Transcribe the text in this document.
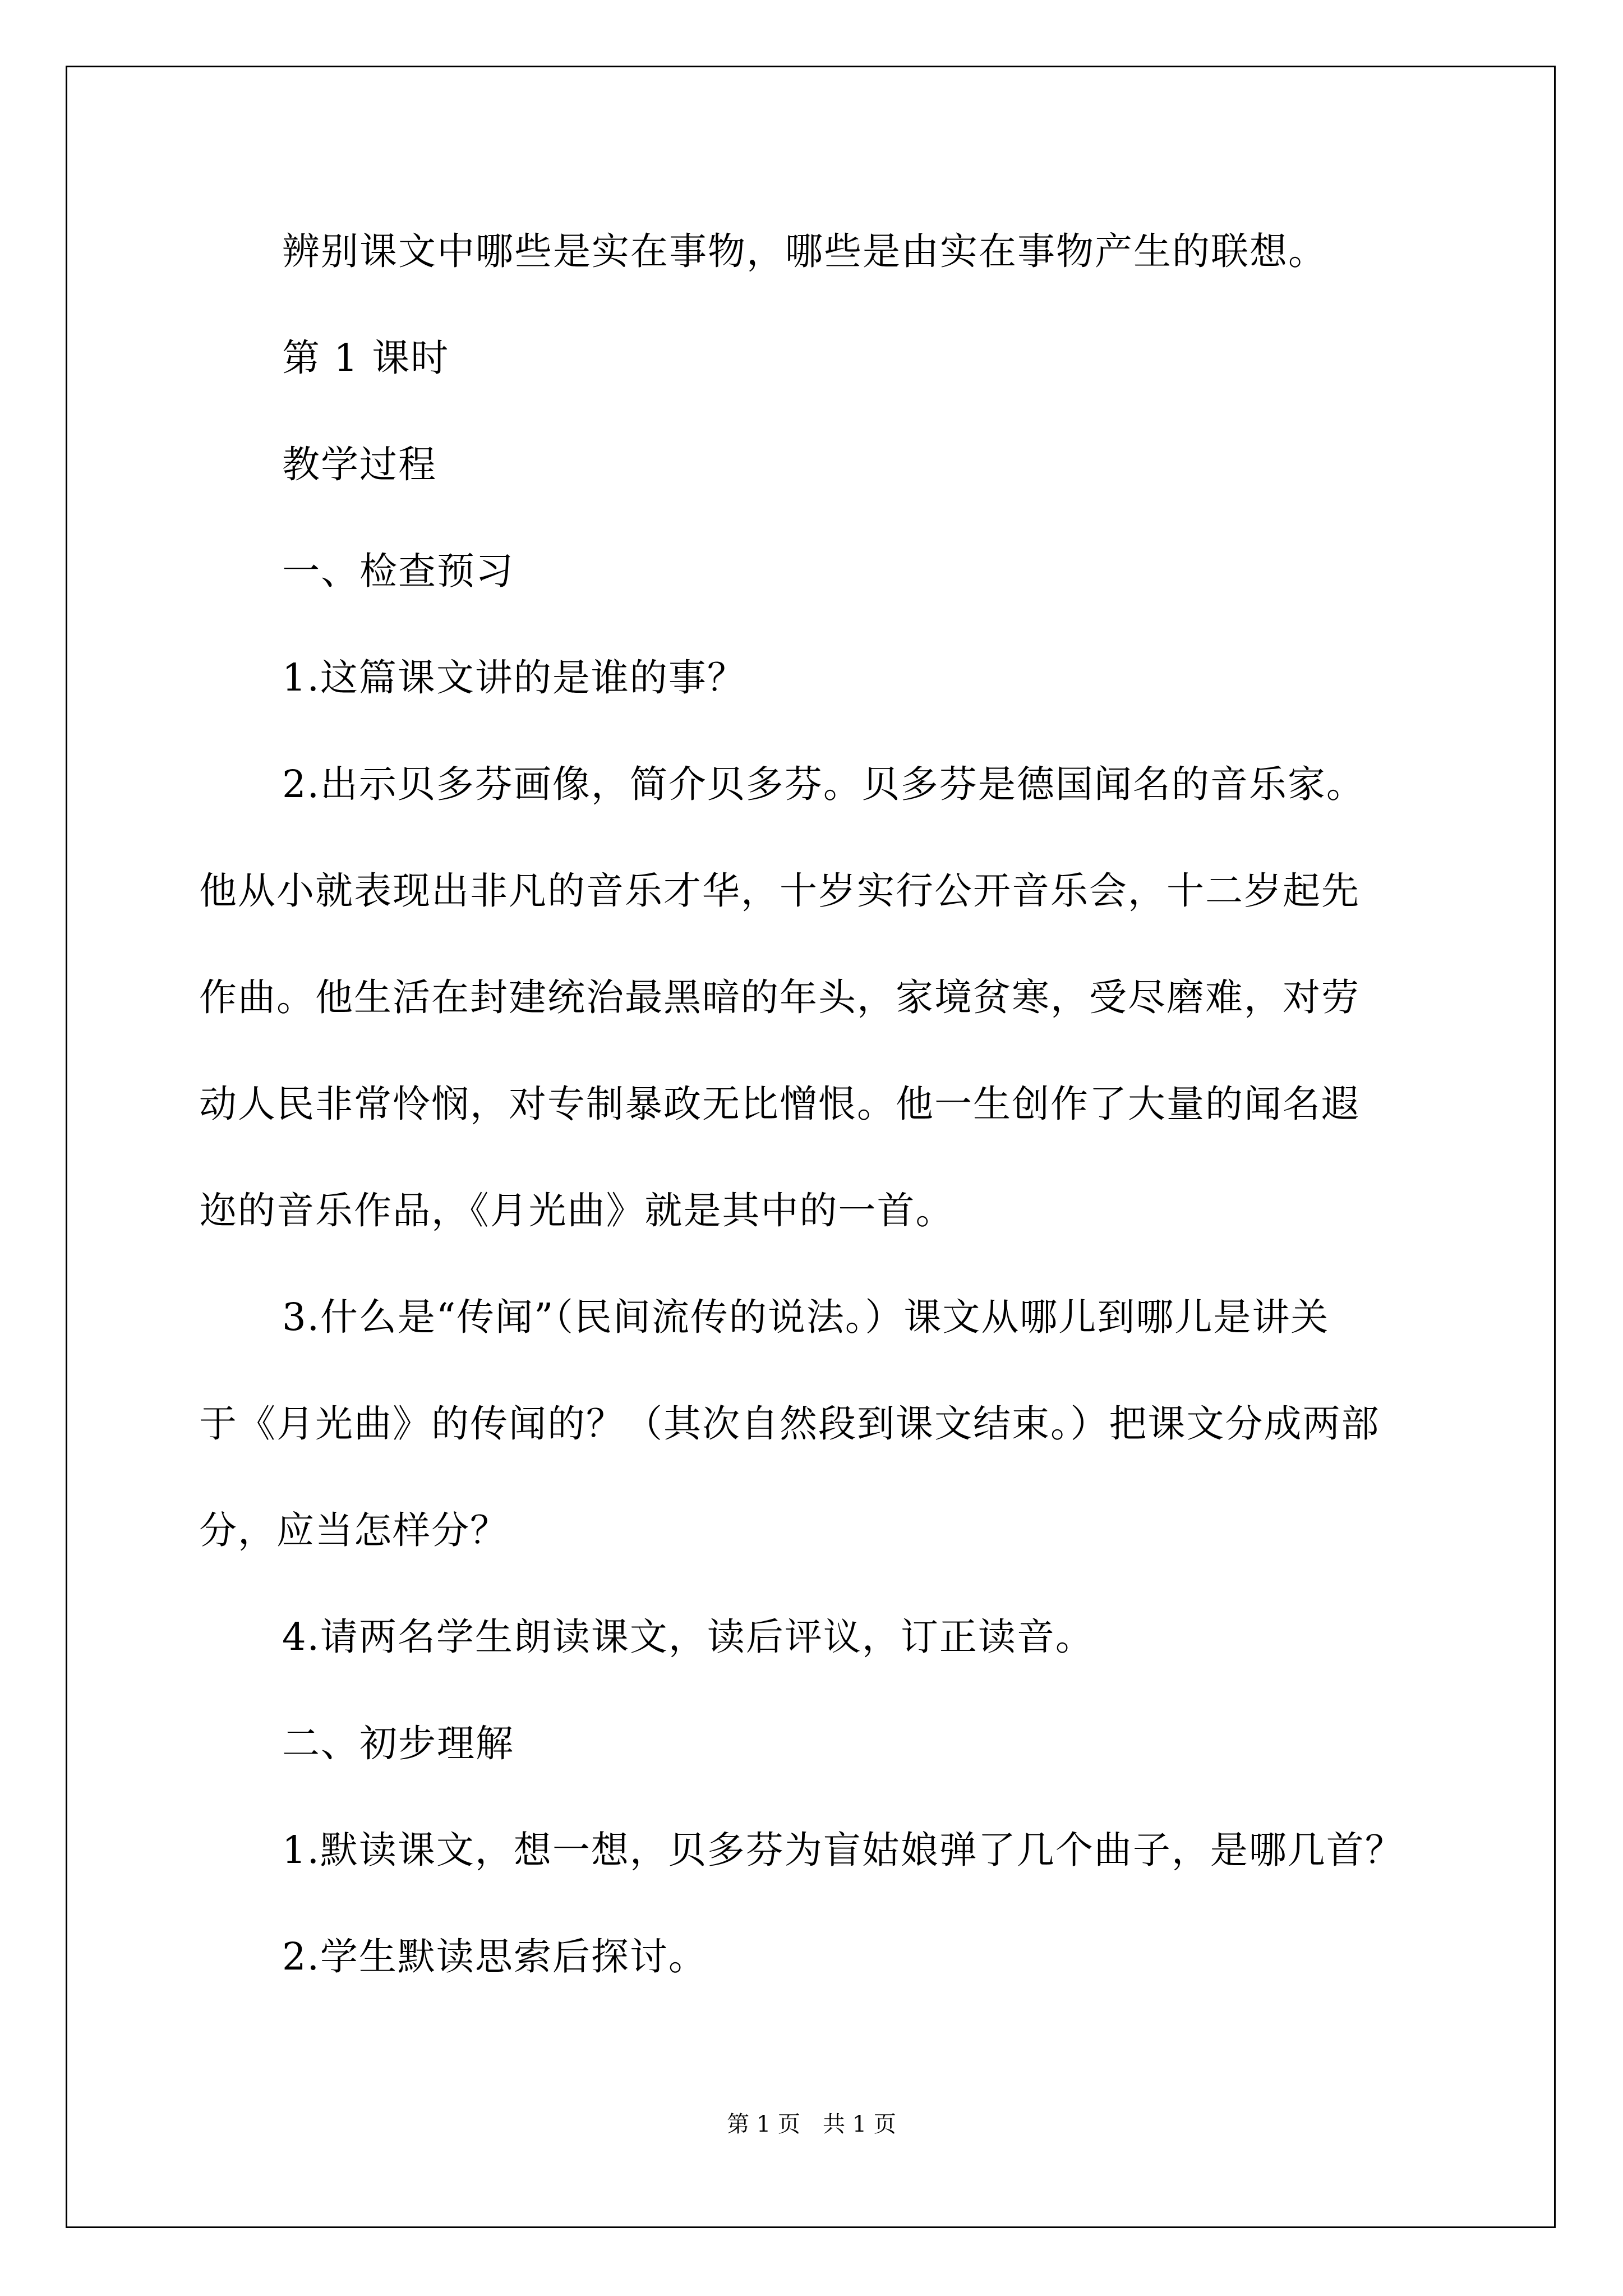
辨别课文中哪些是实在事物，哪些是由实在事物产生的联想。
第 1 课时
教学过程
一、检查预习
1.这篇课文讲的是谁的事？
2.出示贝多芬画像，简介贝多芬。贝多芬是德国闻名的音乐家。
他从小就表现出非凡的音乐才华，十岁实行公开音乐会，十二岁起先
作曲。他生活在封建统治最黑暗的年头，家境贫寒，受尽磨难，对劳
动人民非常怜悯，对专制暴政无比憎恨。他一生创作了大量的闻名遐
迩的音乐作品，《月光曲》就是其中的一首。
3.什么是“传闻”（民间流传的说法。）课文从哪儿到哪儿是讲关
于《月光曲》的传闻的？（其次自然段到课文结束。）把课文分成两部
分，应当怎样分？
4.请两名学生朗读课文，读后评议，订正读音。
二、初步理解
1.默读课文，想一想，贝多芬为盲姑娘弹了几个曲子，是哪几首？
2.学生默读思索后探讨。
第 1 页　共 1 页
